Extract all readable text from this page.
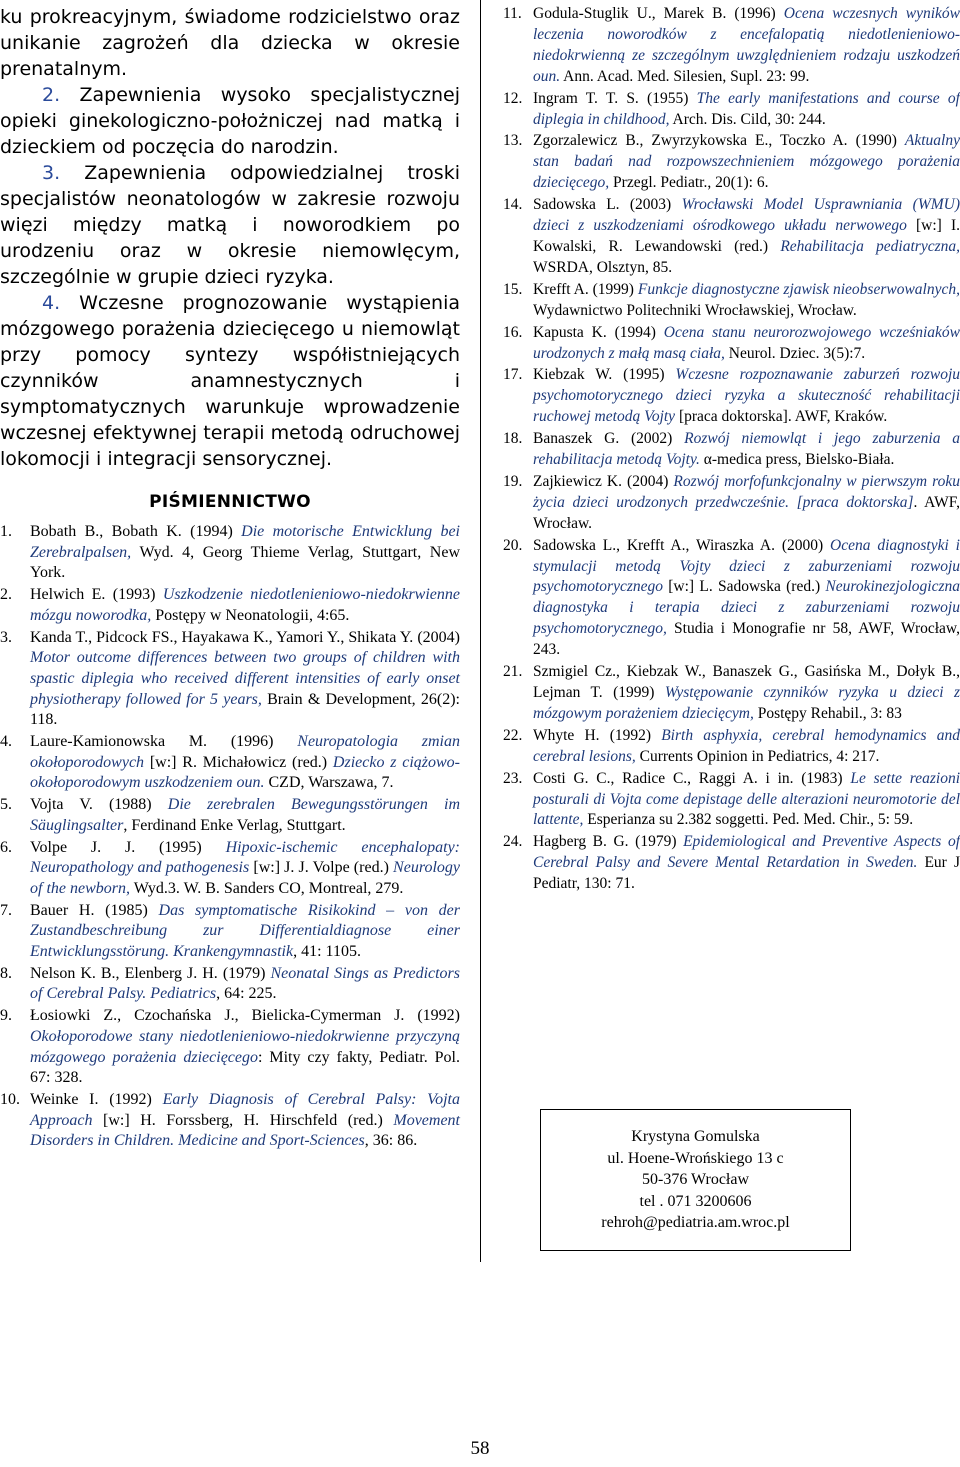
ku prokreacyjnym, świadome rodzicielstwo oraz unikanie zagrożeń dla dziecka w okresie prenatalnym.

2. Zapewnienia wysoko specjalistycznej opieki ginekologiczno-położniczej nad matką i dzieckiem od poczęcia do narodzin.

3. Zapewnienia odpowiedzialnej troski specjalistów neonatologów w zakresie rozwoju więzi między matką i noworodkiem po urodzeniu oraz w okresie niemowlęcym, szczególnie w grupie dzieci ryzyka.

4. Wczesne prognozowanie wystąpienia mózgowego porażenia dziecięcego u niemowląt przy pomocy syntezy współistniejących czynników anamnestycznych i symptomatycznych warunkuje wprowadzenie wczesnej efektywnej terapii metodą odruchowej lokomocji i integracji sensorycznej.

PIŚMIENNICTWO
1. Bobath B., Bobath K. (1994) Die motorische Entwicklung bei Zerebralpalsen, Wyd. 4, Georg Thieme Verlag, Stuttgart, New York.
2. Helwich E. (1993) Uszkodzenie niedotlenieniowo-niedokrwienne mózgu noworodka, Postępy w Neonatologii, 4:65.
3. Kanda T., Pidcock FS., Hayakawa K., Yamori Y., Shikata Y. (2004) Motor outcome differences between two groups of children with spastic diplegia who received different intensities of early onset physiotherapy followed for 5 years, Brain & Development, 26(2): 118.
4. Laure-Kamionowska M. (1996) Neuropatologia zmian okołoporodowych [w:] R. Michałowicz (red.) Dziecko z ciążowo-okołoporodowym uszkodzeniem oun. CZD, Warszawa, 7.
5. Vojta V. (1988) Die zerebralen Bewegungsstörungen im Säuglingsalter, Ferdinand Enke Verlag, Stuttgart.
6. Volpe J. J. (1995) Hipoxic-ischemic encephalopaty: Neuropathology and pathogenesis [w:] J. J. Volpe (red.) Neurology of the newborn, Wyd.3. W. B. Sanders CO, Montreal, 279.
7. Bauer H. (1985) Das symptomatische Risikokind – von der Zustandbeschreibung zur Differentialdiagnose einer Entwicklungsstörung. Krankengymnastik, 41: 1105.
8. Nelson K. B., Elenberg J. H. (1979) Neonatal Sings as Predictors of Cerebral Palsy. Pediatrics, 64: 225.
9. Łosiowki Z., Czochańska J., Bielicka-Cymerman J. (1992) Okołoporodowe stany niedotlenieniowo-niedokrwienne przyczyną mózgowego porażenia dziecięcego: Mity czy fakty, Pediatr. Pol. 67: 328.
10. Weinke I. (1992) Early Diagnosis of Cerebral Palsy: Vojta Approach [w:] H. Forssberg, H. Hirschfeld (red.) Movement Disorders in Children. Medicine and Sport-Sciences, 36: 86.
11. Godula-Stuglik U., Marek B. (1996) Ocena wczesnych wyników leczenia noworodków z encefalopatią niedotlenieniowo-niedokrwienną ze szczególnym uwzględnieniem rodzaju uszkodzeń oun. Ann. Acad. Med. Silesien, Supl. 23: 99.
12. Ingram T. T. S. (1955) The early manifestations and course of diplegia in childhood, Arch. Dis. Cild, 30: 244.
13. Zgorzalewicz B., Zwyrzykowska E., Toczko A. (1990) Aktualny stan badań nad rozpowszechnieniem mózgowego porażenia dziecięcego, Przegl. Pediatr., 20(1): 6.
14. Sadowska L. (2003) Wrocławski Model Usprawniania (WMU) dzieci z uszkodzeniami ośrodkowego układu nerwowego [w:] I. Kowalski, R. Lewandowski (red.) Rehabilitacja pediatryczna, WSRDA, Olsztyn, 85.
15. Krefft A. (1999) Funkcje diagnostyczne zjawisk nieobserwowalnych, Wydawnictwo Politechniki Wrocławskiej, Wrocław.
16. Kapusta K. (1994) Ocena stanu neurorozwojowego wcześniaków urodzonych z małą masą ciała, Neurol. Dziec. 3(5):7.
17. Kiebzak W. (1995) Wczesne rozpoznawanie zaburzeń rozwoju psychomotorycznego dzieci ryzyka a skuteczność rehabilitacji ruchowej metodą Vojty [praca doktorska]. AWF, Kraków.
18. Banaszek G. (2002) Rozwój niemowląt i jego zaburzenia a rehabilitacja metodą Vojty. α-medica press, Bielsko-Biała.
19. Zajkiewicz K. (2004) Rozwój morfofunkcjonalny w pierwszym roku życia dzieci urodzonych przedwcześnie. [praca doktorska]. AWF, Wrocław.
20. Sadowska L., Krefft A., Wiraszka A. (2000) Ocena diagnostyki i stymulacji metodą Vojty dzieci z zaburzeniami rozwoju psychomotorycznego [w:] L. Sadowska (red.) Neurokinezjologiczna diagnostyka i terapia dzieci z zaburzeniami rozwoju psychomotorycznego, Studia i Monografie nr 58, AWF, Wrocław, 243.
21. Szmigiel Cz., Kiebzak W., Banaszek G., Gasińska M., Dołyk B., Lejman T. (1999) Występowanie czynników ryzyka u dzieci z mózgowym porażeniem dziecięcym, Postępy Rehabil., 3: 83
22. Whyte H. (1992) Birth asphyxia, cerebral hemodynamics and cerebral lesions, Currents Opinion in Pediatrics, 4: 217.
23. Costi G. C., Radice C., Raggi A. i in. (1983) Le sette reazioni posturali di Vojta come depistage delle alterazioni neuromotorie del lattente, Esperianza su 2.382 soggetti. Ped. Med. Chir., 5: 59.
24. Hagberg B. G. (1979) Epidemiological and Preventive Aspects of Cerebral Palsy and Severe Mental Retardation in Sweden. Eur J Pediatr, 130: 71.
Krystyna Gomulska
ul. Hoene-Wrońskiego 13 c
50-376 Wrocław
tel . 071 3200606
rehroh@pediatria.am.wroc.pl
58
